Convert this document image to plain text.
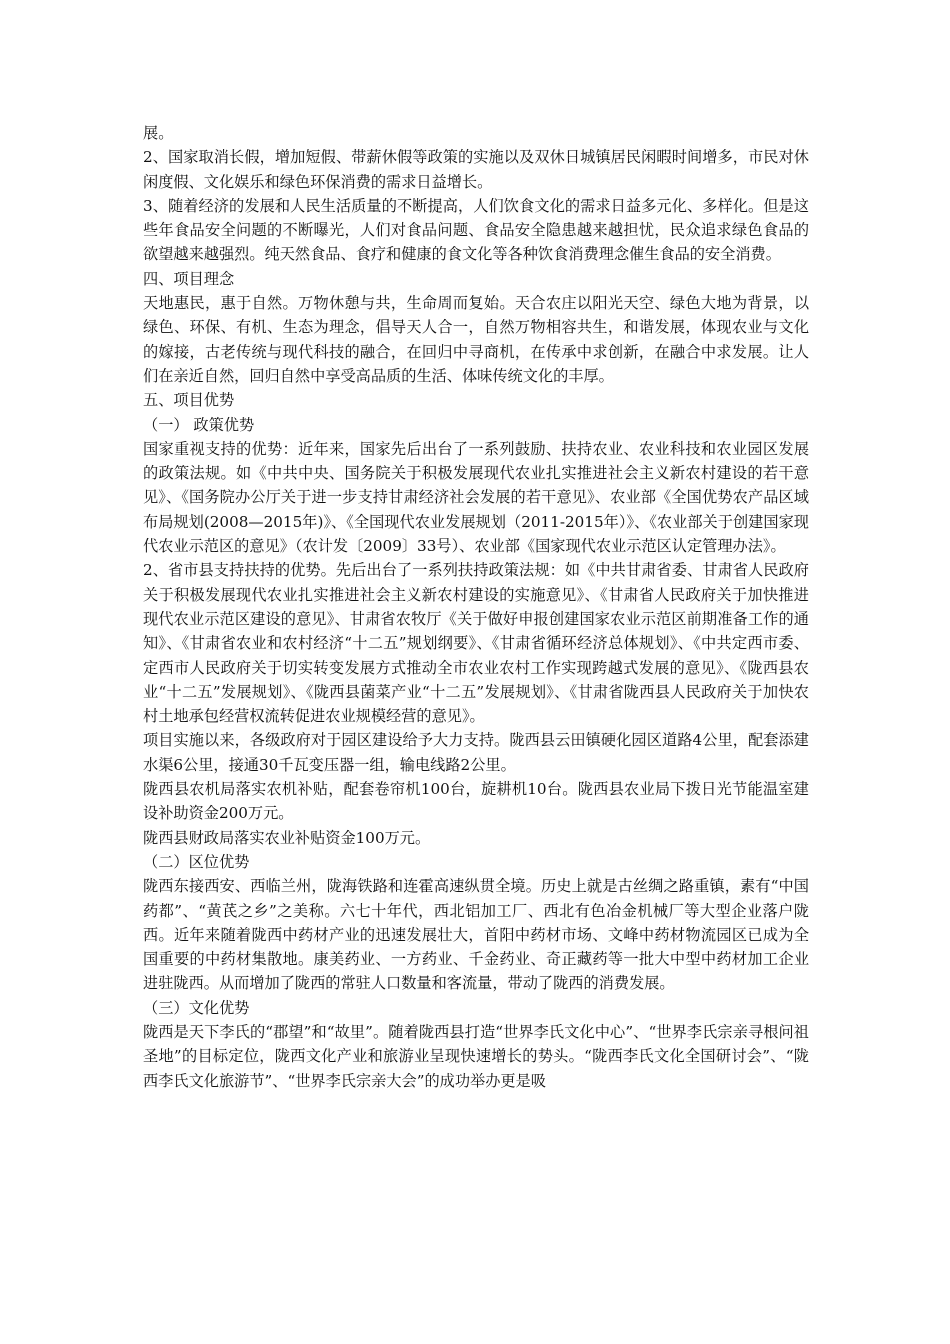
展。

2、国家取消长假，增加短假、带薪休假等政策的实施以及双休日城镇居民闲暇时间增多，市民对休闲度假、文化娱乐和绿色环保消费的需求日益增长。

3、随着经济的发展和人民生活质量的不断提高，人们饮食文化的需求日益多元化、多样化。但是这些年食品安全问题的不断曝光，人们对食品问题、食品安全隐患越来越担忧，民众追求绿色食品的欲望越来越强烈。纯天然食品、食疗和健康的食文化等各种饮食消费理念催生食品的安全消费。

四、项目理念

天地惠民，惠于自然。万物休憩与共，生命周而复始。天合农庄以阳光天空、绿色大地为背景，以绿色、环保、有机、生态为理念，倡导天人合一，自然万物相容共生，和谐发展，体现农业与文化的嫁接，古老传统与现代科技的融合，在回归中寻商机，在传承中求创新，在融合中求发展。让人们在亲近自然，回归自然中享受高品质的生活、体味传统文化的丰厚。

五、项目优势

（一） 政策优势

国家重视支持的优势：近年来，国家先后出台了一系列鼓励、扶持农业、农业科技和农业园区发展的政策法规。如《中共中央、国务院关于积极发展现代农业扎实推进社会主义新农村建设的若干意见》、《国务院办公厅关于进一步支持甘肃经济社会发展的若干意见》、农业部《全国优势农产品区域布局规划(2008—2015年)》、《全国现代农业发展规划（2011-2015年）》、《农业部关于创建国家现代农业示范区的意见》（农计发〔2009〕33号）、农业部《国家现代农业示范区认定管理办法》。

2、省市县支持扶持的优势。先后出台了一系列扶持政策法规：如《中共甘肃省委、甘肃省人民政府关于积极发展现代农业扎实推进社会主义新农村建设的实施意见》、《甘肃省人民政府关于加快推进现代农业示范区建设的意见》、甘肃省农牧厅《关于做好申报创建国家农业示范区前期准备工作的通知》、《甘肃省农业和农村经济“十二五”规划纲要》、《甘肃省循环经济总体规划》、《中共定西市委、定西市人民政府关于切实转变发展方式推动全市农业农村工作实现跨越式发展的意见》、《陇西县农业“十二五”发展规划》、《陇西县菌菜产业“十二五”发展规划》、《甘肃省陇西县人民政府关于加快农村土地承包经营权流转促进农业规模经营的意见》。

项目实施以来，各级政府对于园区建设给予大力支持。陇西县云田镇硬化园区道路4公里，配套添建水渠6公里，接通30千瓦变压器一组，输电线路2公里。

陇西县农机局落实农机补贴，配套卷帘机100台，旋耕机10台。陇西县农业局下拨日光节能温室建设补助资金200万元。

陇西县财政局落实农业补贴资金100万元。

（二）区位优势

陇西东接西安、西临兰州，陇海铁路和连霍高速纵贯全境。历史上就是古丝绸之路重镇，素有“中国药都”、“黄芪之乡”之美称。六七十年代，西北铝加工厂、西北有色冶金机械厂等大型企业落户陇西。近年来随着陇西中药材产业的迅速发展壮大，首阳中药材市场、文峰中药材物流园区已成为全国重要的中药材集散地。康美药业、一方药业、千金药业、奇正藏药等一批大中型中药材加工企业进驻陇西。从而增加了陇西的常驻人口数量和客流量，带动了陇西的消费发展。

（三）文化优势

陇西是天下李氏的“郡望”和“故里”。随着陇西县打造“世界李氏文化中心”、“世界李氏宗亲寻根问祖圣地”的目标定位，陇西文化产业和旅游业呈现快速增长的势头。“陇西李氏文化全国研讨会”、“陇西李氏文化旅游节”、“世界李氏宗亲大会”的成功举办更是吸
